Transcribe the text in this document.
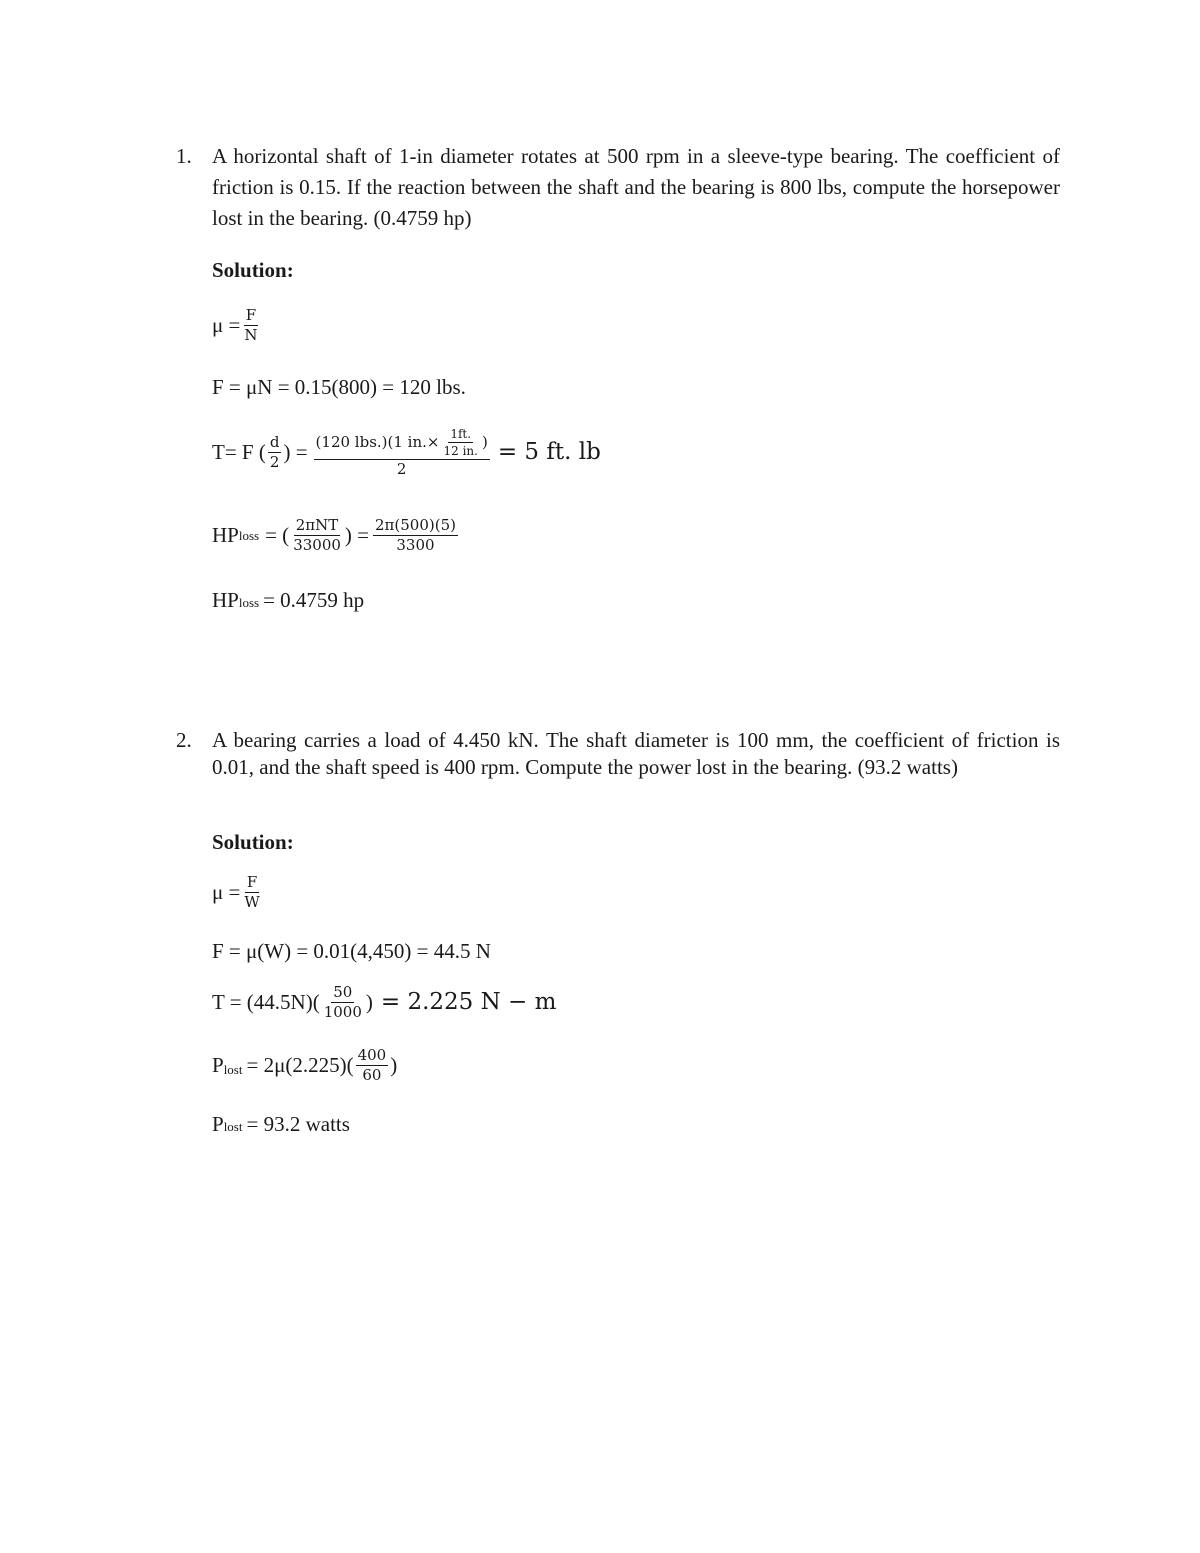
1. A horizontal shaft of 1-in diameter rotates at 500 rpm in a sleeve-type bearing. The coefficient of friction is 0.15. If the reaction between the shaft and the bearing is 800 lbs, compute the horsepower lost in the bearing. (0.4759 hp)
Solution:
$\mu = \frac{F}{N}$
F = μN = 0.15(800) = 120 lbs.
T= F ( $\frac{d}{2}$ ) = (120 lbs.)(1 $in.\times \frac{1ft.}{12 in.}$ )
2
= 5 ft. lb
HP loss = ( $\frac{\text{2πNT}}{33000}$ ) = $\frac{2\pi(500)(5)}{3300}$
HPloss = 0.4759 hp
2. A bearing carries a load of 4.450 kN. The shaft diameter is 100 mm, the coefficient of friction is 0.01, and the shaft speed is 400 rpm. Compute the power lost in the bearing. (93.2 watts)
Solution:
$\mu = \frac{F}{W}$
F = μ(W) = 0.01(4,450) = 44.5 N
$T = (44.5N)( \frac{50}{1000}$ ) = 2.225 N − m
P lost = $2\mu(2.225)( \frac{400}{60}$ )
Plost = 93.2 watts
